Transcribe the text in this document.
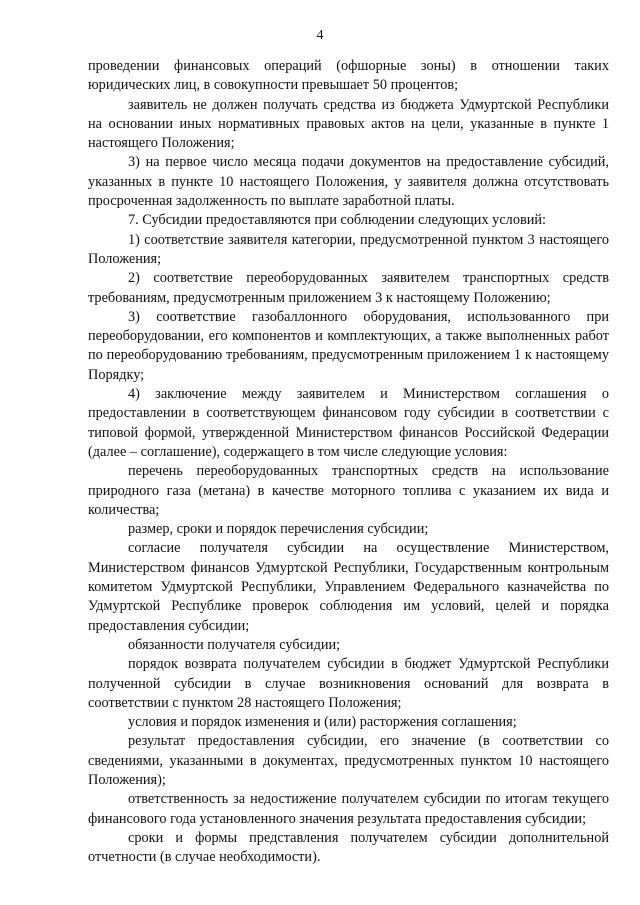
4

проведении финансовых операций (офшорные зоны) в отношении таких юридических лиц, в совокупности превышает 50 процентов;

заявитель не должен получать средства из бюджета Удмуртской Республики на основании иных нормативных правовых актов на цели, указанные в пункте 1 настоящего Положения;

3) на первое число месяца подачи документов на предоставление субсидий, указанных в пункте 10 настоящего Положения, у заявителя должна отсутствовать просроченная задолженность по выплате заработной платы.

7. Субсидии предоставляются при соблюдении следующих условий:

1) соответствие заявителя категории, предусмотренной пунктом 3 настоящего Положения;

2) соответствие переоборудованных заявителем транспортных средств требованиям, предусмотренным приложением 3 к настоящему Положению;

3) соответствие газобаллонного оборудования, использованного при переоборудовании, его компонентов и комплектующих, а также выполненных работ по переоборудованию требованиям, предусмотренным приложением 1 к настоящему Порядку;

4) заключение между заявителем и Министерством соглашения о предоставлении в соответствующем финансовом году субсидии в соответствии с типовой формой, утвержденной Министерством финансов Российской Федерации (далее – соглашение), содержащего в том числе следующие условия:

перечень переоборудованных транспортных средств на использование природного газа (метана) в качестве моторного топлива с указанием их вида и количества;

размер, сроки и порядок перечисления субсидии;

согласие получателя субсидии на осуществление Министерством, Министерством финансов Удмуртской Республики, Государственным контрольным комитетом Удмуртской Республики, Управлением Федерального казначейства по Удмуртской Республике проверок соблюдения им условий, целей и порядка предоставления субсидии;

обязанности получателя субсидии;

порядок возврата получателем субсидии в бюджет Удмуртской Республики полученной субсидии в случае возникновения оснований для возврата в соответствии с пунктом 28 настоящего Положения;

условия и порядок изменения и (или) расторжения соглашения;

результат предоставления субсидии, его значение (в соответствии со сведениями, указанными в документах, предусмотренных пунктом 10 настоящего Положения);

ответственность за недостижение получателем субсидии по итогам текущего финансового года установленного значения результата предоставления субсидии;

сроки и формы представления получателем субсидии дополнительной отчетности (в случае необходимости).
